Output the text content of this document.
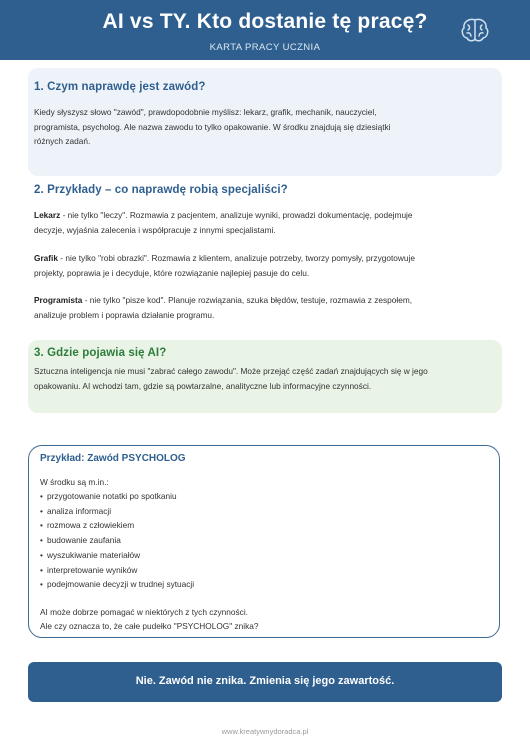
AI vs TY. Kto dostanie tę pracę?
KARTA PRACY UCZNIA
1. Czym naprawdę jest zawód?
Kiedy słyszysz słowo "zawód", prawdopodobnie myślisz: lekarz, grafik, mechanik, nauczyciel,
programista, psycholog. Ale nazwa zawodu to tylko opakowanie. W środku znajdują się dziesiątki
różnych zadań.
2. Przykłady – co naprawdę robią specjaliści?
Lekarz - nie tylko "leczy". Rozmawia z pacjentem, analizuje wyniki, prowadzi dokumentację, podejmuje
decyzje, wyjaśnia zalecenia i współpracuje z innymi specjalistami.
Grafik - nie tylko "robi obrazki". Rozmawia z klientem, analizuje potrzeby, tworzy pomysły, przygotowuje
projekty, poprawia je i decyduje, które rozwiązanie najlepiej pasuje do celu.
Programista - nie tylko "pisze kod". Planuje rozwiązania, szuka błędów, testuje, rozmawia z zespołem,
analizuje problem i poprawia działanie programu.
3. Gdzie pojawia się AI?
Sztuczna inteligencja nie musi "zabrać całego zawodu". Może przejąć część zadań znajdujących się w jego
opakowaniu. AI wchodzi tam, gdzie są powtarzalne, analityczne lub informacyjne czynności.
Przykład: Zawód PSYCHOLOG
W środku są m.in.:
• przygotowanie notatki po spotkaniu
• analiza informacji
• rozmowa z człowiekiem
• budowanie zaufania
• wyszukiwanie materiałów
• interpretowanie wyników
• podejmowanie decyzji w trudnej sytuacji
AI może dobrze pomagać w niektórych z tych czynności.
Ale czy oznacza to, że całe pudełko "PSYCHOLOG" znika?
Nie. Zawód nie znika. Zmienia się jego zawartość.
www.kreatywnydoradca.pl
